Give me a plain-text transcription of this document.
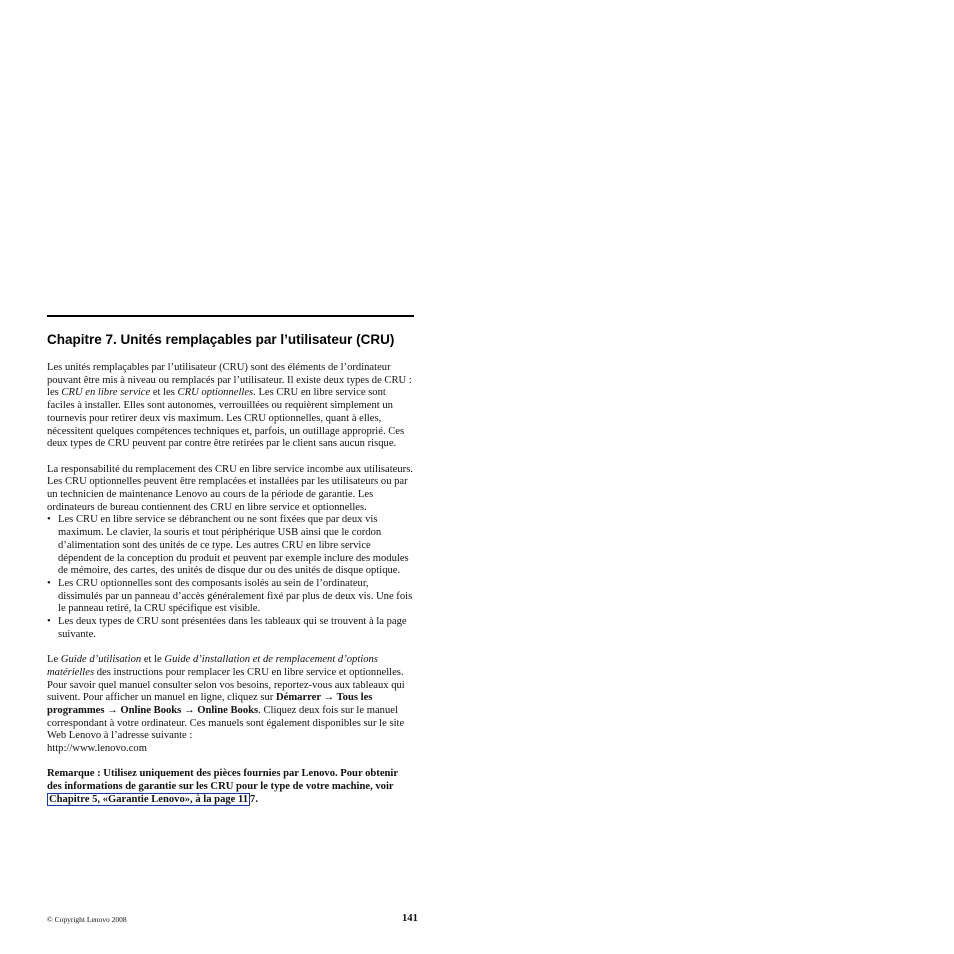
Chapitre 7. Unités remplaçables par l’utilisateur (CRU)

Les unités remplaçables par l’utilisateur (CRU) sont des éléments de l’ordinateur pouvant être mis à niveau ou remplacés par l’utilisateur. Il existe deux types de CRU : les CRU en libre service et les CRU optionnelles. Les CRU en libre service sont faciles à installer. Elles sont autonomes, verrouillées ou requièrent simplement un tournevis pour retirer deux vis maximum. Les CRU optionnelles, quant à elles, nécessitent quelques compétences techniques et, parfois, un outillage approprié. Ces deux types de CRU peuvent par contre être retirées par le client sans aucun risque.

La responsabilité du remplacement des CRU en libre service incombe aux utilisateurs. Les CRU optionnelles peuvent être remplacées et installées par les utilisateurs ou par un technicien de maintenance Lenovo au cours de la période de garantie. Les ordinateurs de bureau contiennent des CRU en libre service et optionnelles.

• Les CRU en libre service se débranchent ou ne sont fixées que par deux vis maximum. Le clavier, la souris et tout périphérique USB ainsi que le cordon d’alimentation sont des unités de ce type. Les autres CRU en libre service dépendent de la conception du produit et peuvent par exemple inclure des modules de mémoire, des cartes, des unités de disque dur ou des unités de disque optique.
• Les CRU optionnelles sont des composants isolés au sein de l’ordinateur, dissimulés par un panneau d’accès généralement fixé par plus de deux vis. Une fois le panneau retiré, la CRU spécifique est visible.
• Les deux types de CRU sont présentées dans les tableaux qui se trouvent à la page suivante.

Le Guide d’utilisation et le Guide d’installation et de remplacement d’options matérielles des instructions pour remplacer les CRU en libre service et optionnelles. Pour savoir quel manuel consulter selon vos besoins, reportez-vous aux tableaux qui suivent. Pour afficher un manuel en ligne, cliquez sur Démarrer → Tous les programmes → Online Books → Online Books. Cliquez deux fois sur le manuel correspondant à votre ordinateur. Ces manuels sont également disponibles sur le site Web Lenovo à l’adresse suivante :
http://www.lenovo.com

Remarque : Utilisez uniquement des pièces fournies par Lenovo. Pour obtenir des informations de garantie sur les CRU pour le type de votre machine, voir Chapitre 5, «Garantie Lenovo», à la page 11 7.

© Copyright Lenovo 2008	141
